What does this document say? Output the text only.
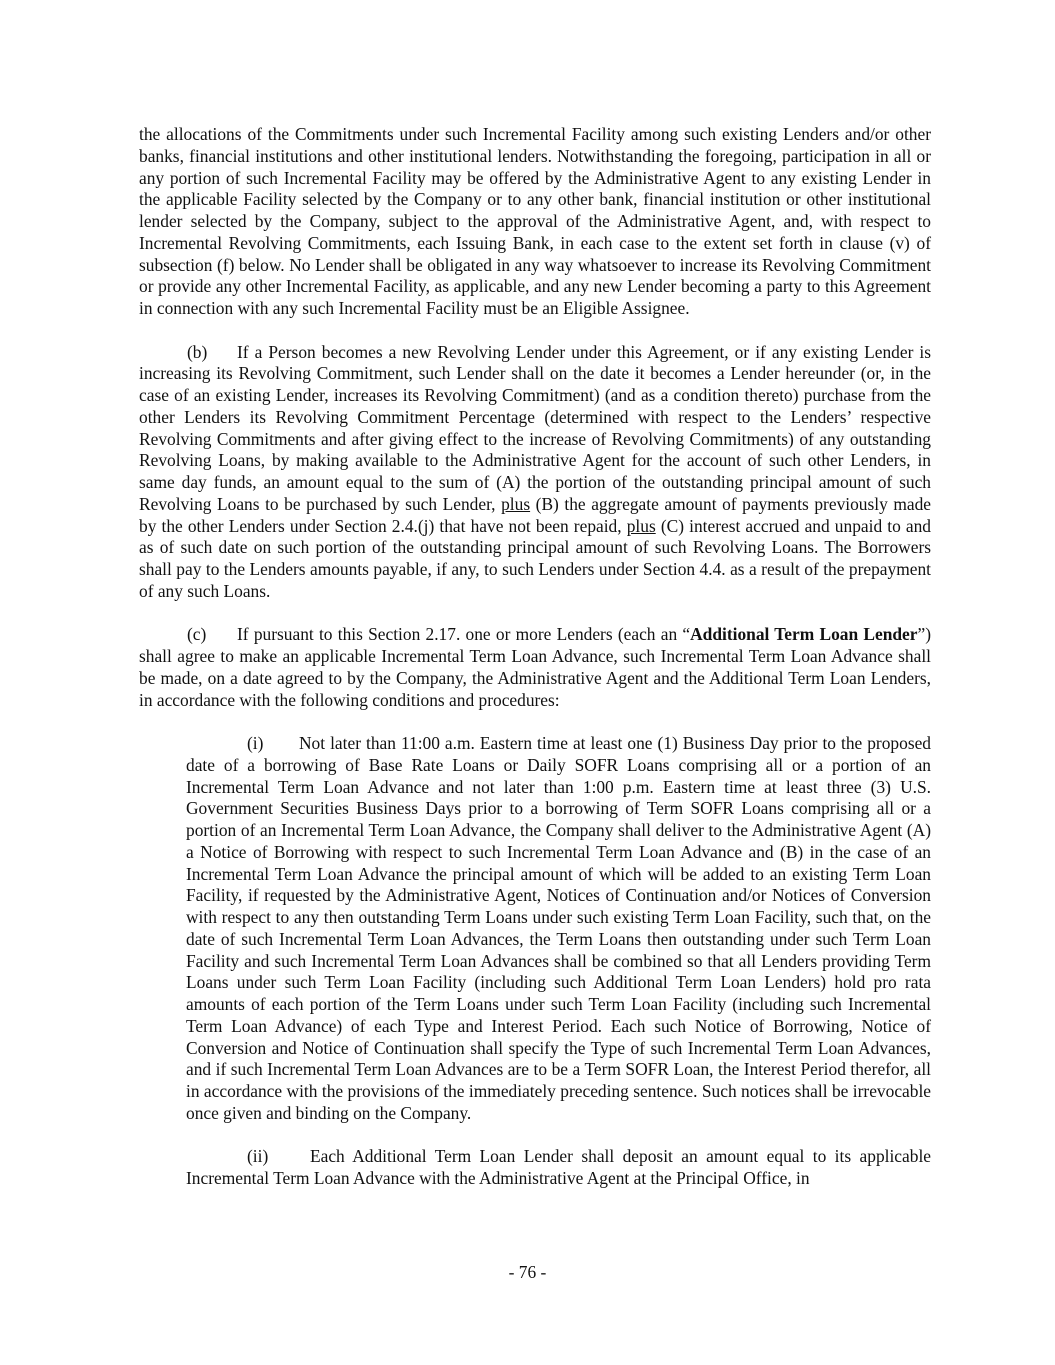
the allocations of the Commitments under such Incremental Facility among such existing Lenders and/or other banks, financial institutions and other institutional lenders. Notwithstanding the foregoing, participation in all or any portion of such Incremental Facility may be offered by the Administrative Agent to any existing Lender in the applicable Facility selected by the Company or to any other bank, financial institution or other institutional lender selected by the Company, subject to the approval of the Administrative Agent, and, with respect to Incremental Revolving Commitments, each Issuing Bank, in each case to the extent set forth in clause (v) of subsection (f) below. No Lender shall be obligated in any way whatsoever to increase its Revolving Commitment or provide any other Incremental Facility, as applicable, and any new Lender becoming a party to this Agreement in connection with any such Incremental Facility must be an Eligible Assignee.

(b) If a Person becomes a new Revolving Lender under this Agreement, or if any existing Lender is increasing its Revolving Commitment, such Lender shall on the date it becomes a Lender hereunder (or, in the case of an existing Lender, increases its Revolving Commitment) (and as a condition thereto) purchase from the other Lenders its Revolving Commitment Percentage (determined with respect to the Lenders’ respective Revolving Commitments and after giving effect to the increase of Revolving Commitments) of any outstanding Revolving Loans, by making available to the Administrative Agent for the account of such other Lenders, in same day funds, an amount equal to the sum of (A) the portion of the outstanding principal amount of such Revolving Loans to be purchased by such Lender, plus (B) the aggregate amount of payments previously made by the other Lenders under Section 2.4.(j) that have not been repaid, plus (C) interest accrued and unpaid to and as of such date on such portion of the outstanding principal amount of such Revolving Loans. The Borrowers shall pay to the Lenders amounts payable, if any, to such Lenders under Section 4.4. as a result of the prepayment of any such Loans.

(c) If pursuant to this Section 2.17. one or more Lenders (each an “Additional Term Loan Lender”) shall agree to make an applicable Incremental Term Loan Advance, such Incremental Term Loan Advance shall be made, on a date agreed to by the Company, the Administrative Agent and the Additional Term Loan Lenders, in accordance with the following conditions and procedures:

(i) Not later than 11:00 a.m. Eastern time at least one (1) Business Day prior to the proposed date of a borrowing of Base Rate Loans or Daily SOFR Loans comprising all or a portion of an Incremental Term Loan Advance and not later than 1:00 p.m. Eastern time at least three (3) U.S. Government Securities Business Days prior to a borrowing of Term SOFR Loans comprising all or a portion of an Incremental Term Loan Advance, the Company shall deliver to the Administrative Agent (A) a Notice of Borrowing with respect to such Incremental Term Loan Advance and (B) in the case of an Incremental Term Loan Advance the principal amount of which will be added to an existing Term Loan Facility, if requested by the Administrative Agent, Notices of Continuation and/or Notices of Conversion with respect to any then outstanding Term Loans under such existing Term Loan Facility, such that, on the date of such Incremental Term Loan Advances, the Term Loans then outstanding under such Term Loan Facility and such Incremental Term Loan Advances shall be combined so that all Lenders providing Term Loans under such Term Loan Facility (including such Additional Term Loan Lenders) hold pro rata amounts of each portion of the Term Loans under such Term Loan Facility (including such Incremental Term Loan Advance) of each Type and Interest Period. Each such Notice of Borrowing, Notice of Conversion and Notice of Continuation shall specify the Type of such Incremental Term Loan Advances, and if such Incremental Term Loan Advances are to be a Term SOFR Loan, the Interest Period therefor, all in accordance with the provisions of the immediately preceding sentence. Such notices shall be irrevocable once given and binding on the Company.

(ii) Each Additional Term Loan Lender shall deposit an amount equal to its applicable Incremental Term Loan Advance with the Administrative Agent at the Principal Office, in

- 76 -
